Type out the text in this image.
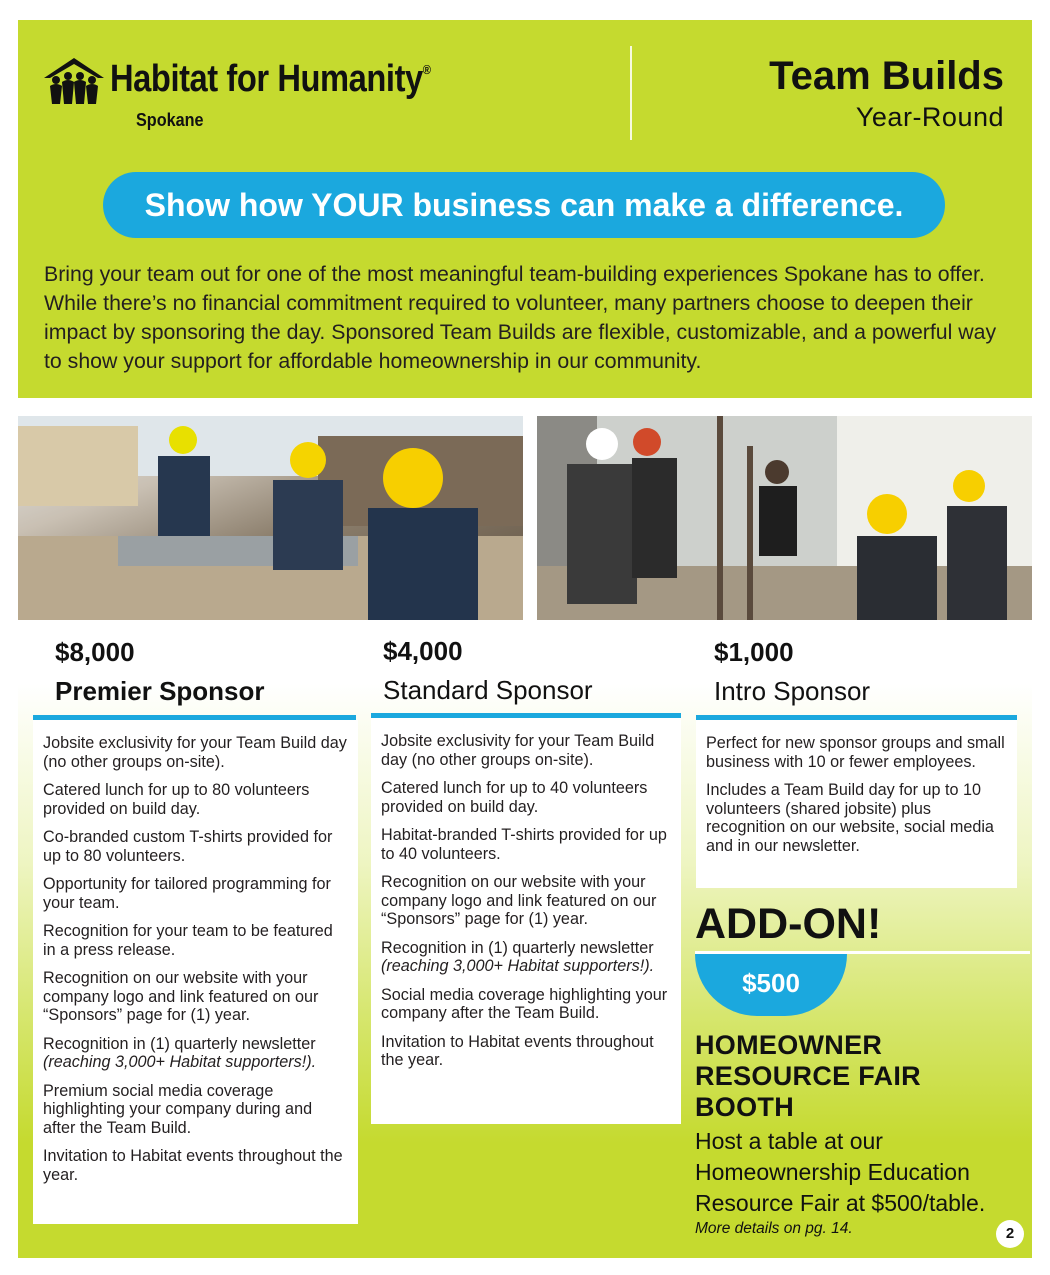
Habitat for Humanity®
Spokane
Team Builds
Year-Round
Show how YOUR business can make a difference.
Bring your team out for one of the most meaningful team-building experiences Spokane has to offer. While there’s no financial commitment required to volunteer, many partners choose to deepen their impact by sponsoring the day. Sponsored Team Builds are flexible, customizable, and a powerful way to show your support for affordable homeownership in our community.
$8,000
Premier Sponsor
Jobsite exclusivity for your Team Build day (no other groups on-site).
Catered lunch for up to 80 volunteers provided on build day.
Co-branded custom T-shirts provided for up to 80 volunteers.
Opportunity for tailored programming for your team.
Recognition for your team to be featured in a press release.
Recognition on our website with your company logo and link featured on our “Sponsors” page for (1) year.
Recognition in (1) quarterly newsletter (reaching 3,000+ Habitat supporters!).
Premium social media coverage highlighting your company during and after the Team Build.
Invitation to Habitat events throughout the year.
$4,000
Standard Sponsor
Jobsite exclusivity for your Team Build day (no other groups on-site).
Catered lunch for up to 40 volunteers provided on build day.
Habitat-branded T-shirts provided for up to 40 volunteers.
Recognition on our website with your company logo and link featured on our “Sponsors” page for (1) year.
Recognition in (1) quarterly newsletter (reaching 3,000+ Habitat supporters!).
Social media coverage highlighting your company after the Team Build.
Invitation to Habitat events throughout the year.
$1,000
Intro Sponsor
Perfect for new sponsor groups and small business with 10 or fewer employees.
Includes a Team Build day for up to 10 volunteers (shared jobsite) plus recognition on our website, social media and in our newsletter.
ADD-ON!
$500
HOMEOWNER
RESOURCE FAIR
BOOTH
Host a table at our Homeownership Education Resource Fair at $500/table.
More details on pg. 14.	2
